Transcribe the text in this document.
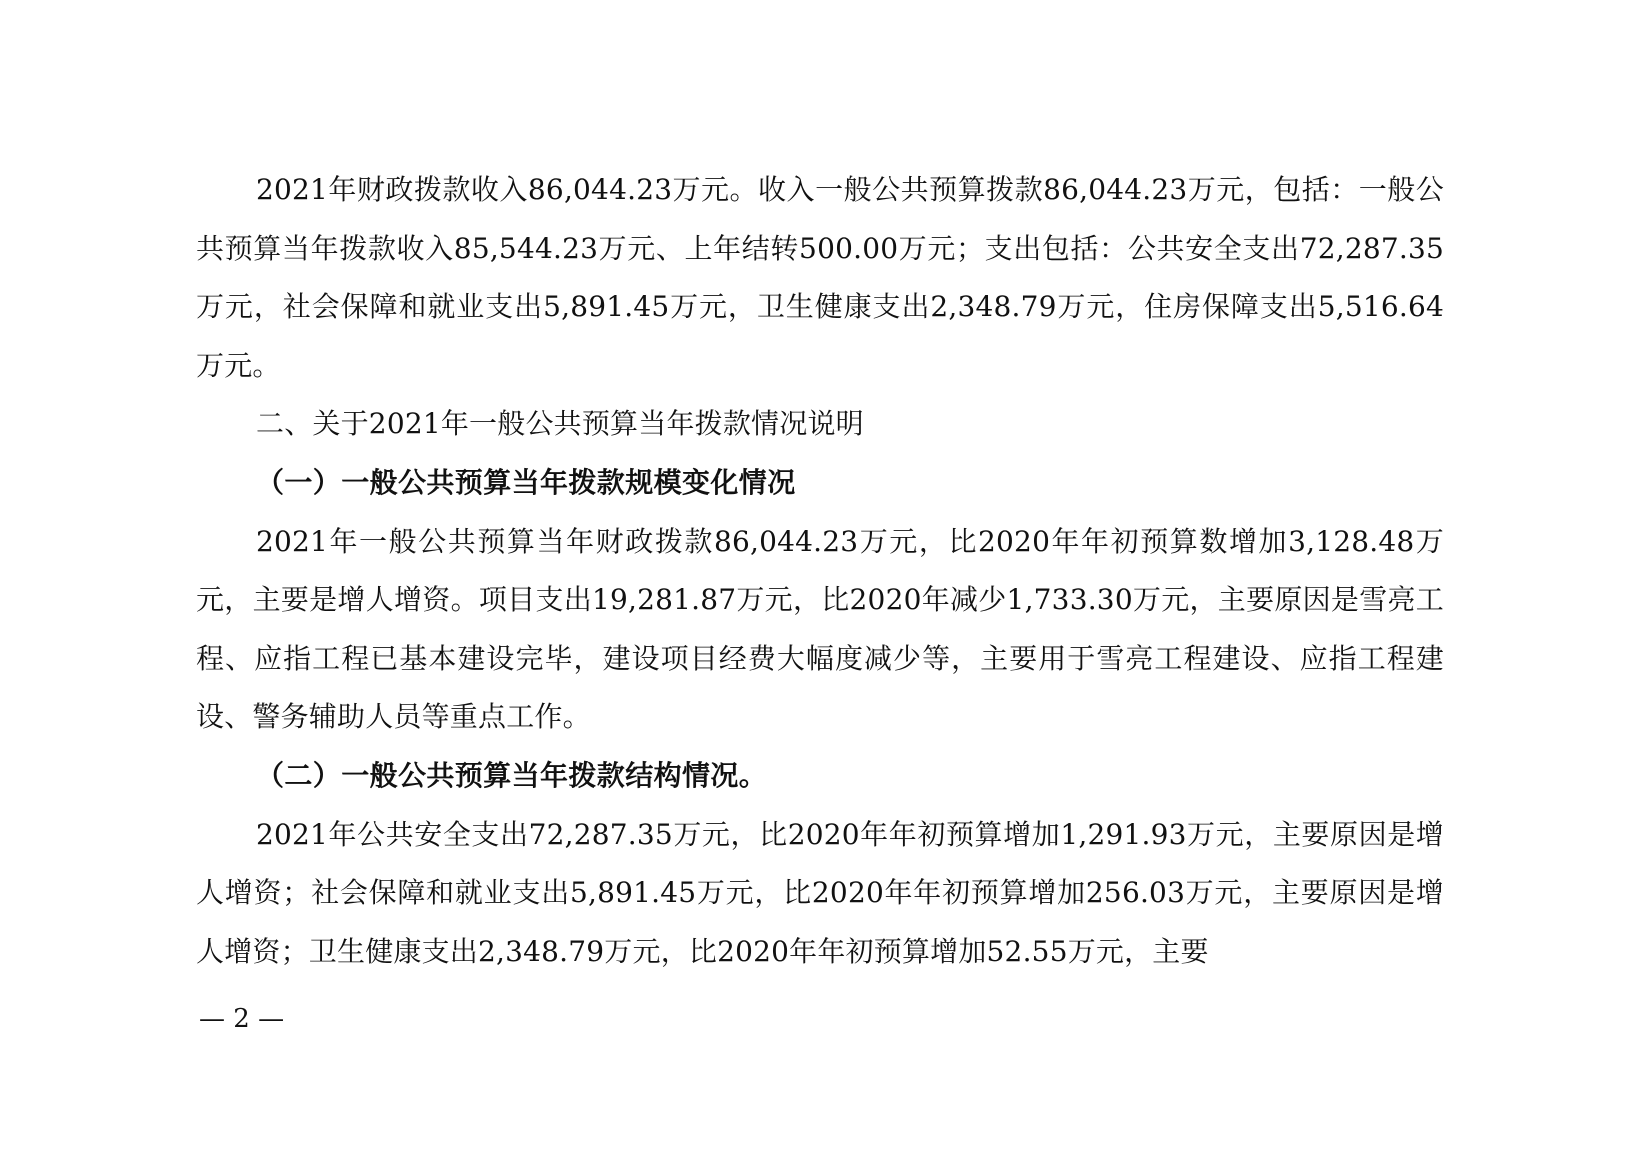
2021年财政拨款收入86,044.23万元。收入一般公共预算拨款86,044.23万元，包括：一般公共预算当年拨款收入85,544.23万元、上年结转500.00万元；支出包括：公共安全支出72,287.35万元，社会保障和就业支出5,891.45万元，卫生健康支出2,348.79万元，住房保障支出5,516.64万元。

二、关于2021年一般公共预算当年拨款情况说明

（一）一般公共预算当年拨款规模变化情况

2021年一般公共预算当年财政拨款86,044.23万元，比2020年年初预算数增加3,128.48万元，主要是增人增资。项目支出19,281.87万元，比2020年减少1,733.30万元，主要原因是雪亮工程、应指工程已基本建设完毕，建设项目经费大幅度减少等，主要用于雪亮工程建设、应指工程建设、警务辅助人员等重点工作。

（二）一般公共预算当年拨款结构情况。

2021年公共安全支出72,287.35万元，比2020年年初预算增加1,291.93万元，主要原因是增人增资；社会保障和就业支出5,891.45万元，比2020年年初预算增加256.03万元，主要原因是增人增资；卫生健康支出2,348.79万元，比2020年年初预算增加52.55万元，主要

— 2 —
